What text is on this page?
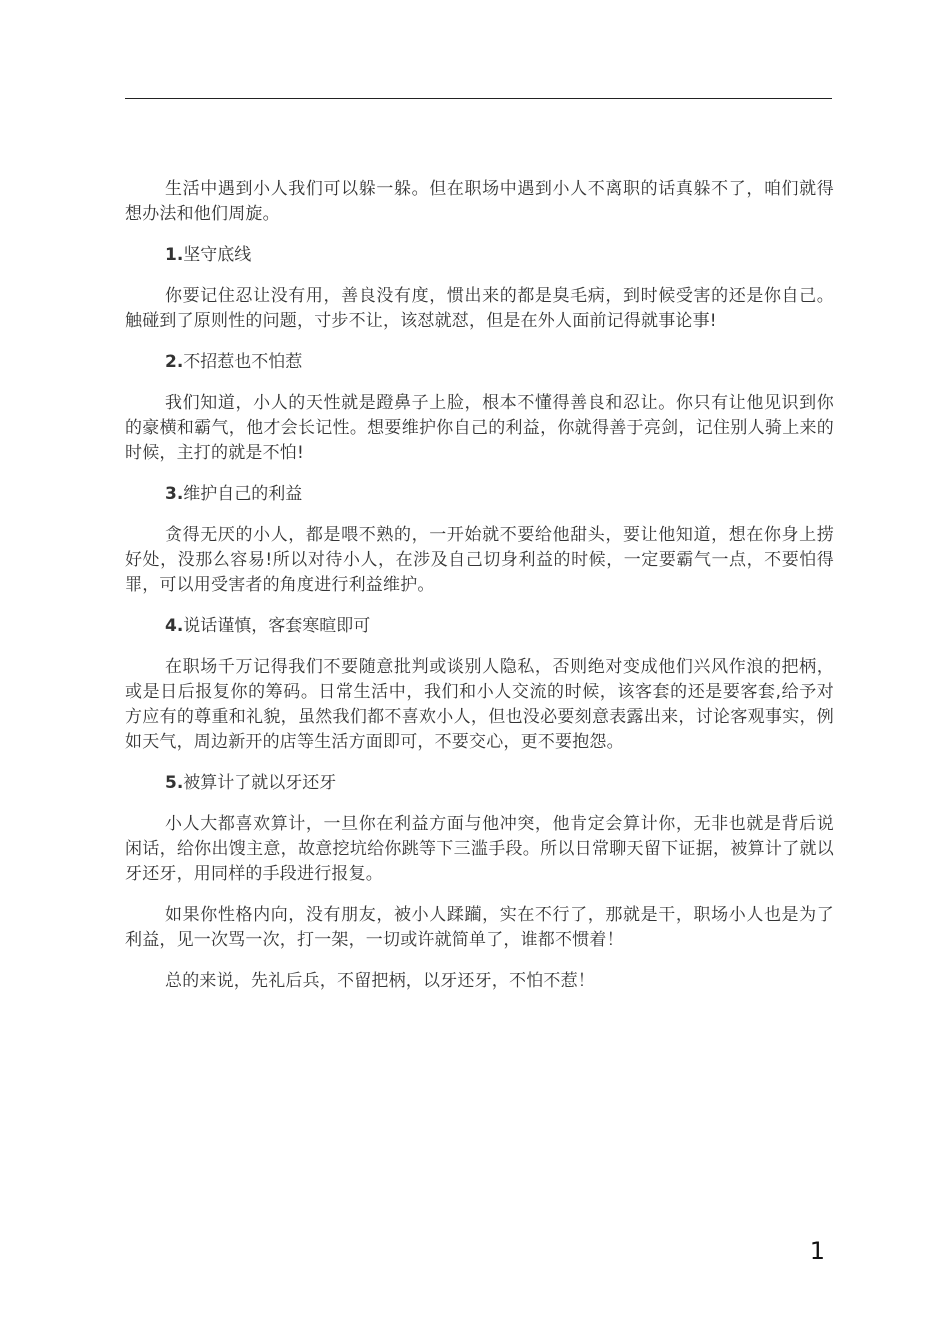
生活中遇到小人我们可以躲一躲。但在职场中遇到小人不离职的话真躲不了，咱们就得想办法和他们周旋。

1.坚守底线

你要记住忍让没有用，善良没有度，惯出来的都是臭毛病，到时候受害的还是你自己。触碰到了原则性的问题，寸步不让，该怼就怼，但是在外人面前记得就事论事!

2.不招惹也不怕惹

我们知道，小人的天性就是蹬鼻子上脸，根本不懂得善良和忍让。你只有让他见识到你的豪横和霸气，他才会长记性。想要维护你自己的利益，你就得善于亮剑，记住别人骑上来的时候，主打的就是不怕!

3.维护自己的利益

贪得无厌的小人，都是喂不熟的，一开始就不要给他甜头，要让他知道，想在你身上捞好处，没那么容易!所以对待小人，在涉及自己切身利益的时候，一定要霸气一点，不要怕得罪，可以用受害者的角度进行利益维护。

4.说话谨慎，客套寒暄即可

在职场千万记得我们不要随意批判或谈别人隐私，否则绝对变成他们兴风作浪的把柄，或是日后报复你的筹码。日常生活中，我们和小人交流的时候，该客套的还是要客套,给予对方应有的尊重和礼貌，虽然我们都不喜欢小人，但也没必要刻意表露出来，讨论客观事实，例如天气，周边新开的店等生活方面即可，不要交心，更不要抱怨。

5.被算计了就以牙还牙

小人大都喜欢算计，一旦你在利益方面与他冲突，他肯定会算计你，无非也就是背后说闲话，给你出馊主意，故意挖坑给你跳等下三滥手段。所以日常聊天留下证据，被算计了就以牙还牙，用同样的手段进行报复。

如果你性格内向，没有朋友，被小人蹂躏，实在不行了，那就是干，职场小人也是为了利益，见一次骂一次，打一架，一切或许就简单了，谁都不惯着！

总的来说，先礼后兵，不留把柄，以牙还牙，不怕不惹！

1
